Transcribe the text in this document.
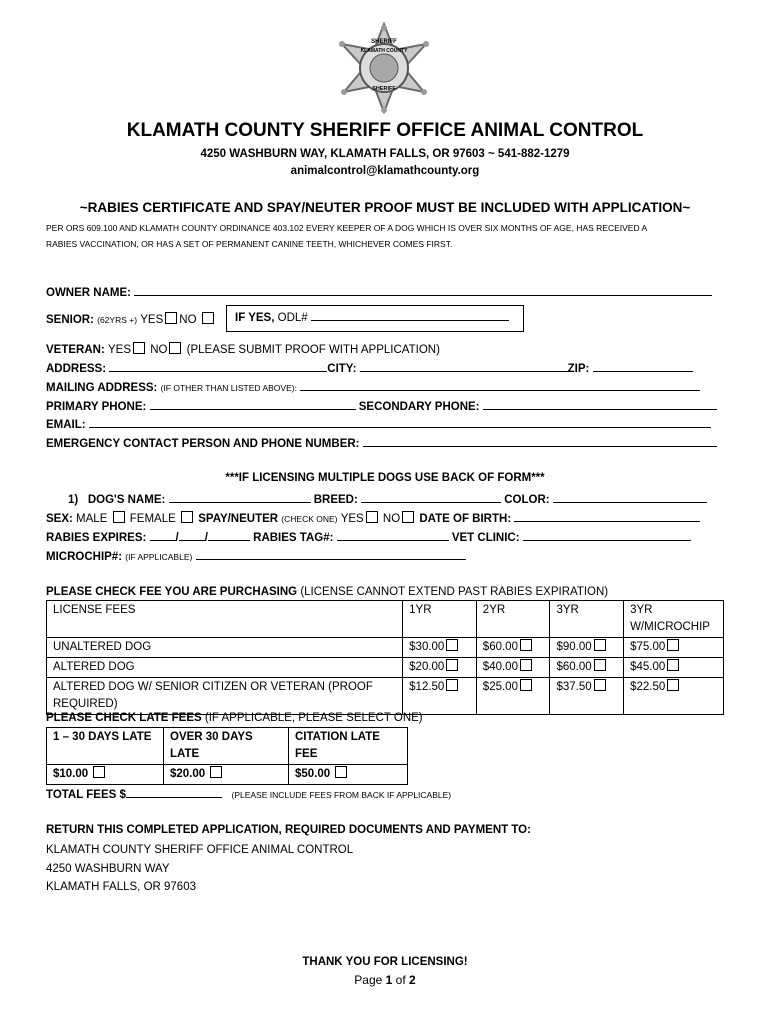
SHERIFF
KLAMATH COUNTY
SHERIFF
KLAMATH COUNTY SHERIFF OFFICE ANIMAL CONTROL
4250 WASHBURN WAY, KLAMATH FALLS, OR 97603 ~ 541-882-1279
animalcontrol@klamathcounty.org
~RABIES CERTIFICATE AND SPAY/NEUTER PROOF MUST BE INCLUDED WITH APPLICATION~
PER ORS 609.100 AND KLAMATH COUNTY ORDINANCE 403.102 EVERY KEEPER OF A DOG WHICH IS OVER SIX MONTHS OF AGE, HAS RECEIVED A
RABIES VACCINATION, OR HAS A SET OF PERMANENT CANINE TEETH, WHICHEVER COMES FIRST.
OWNER NAME:
SENIOR: (62YRS +) YES NO	IF YES, ODL#
VETERAN: YES NO (PLEASE SUBMIT PROOF WITH APPLICATION)
ADDRESS:	CITY:	ZIP:
MAILING ADDRESS: (IF OTHER THAN LISTED ABOVE):
PRIMARY PHONE:	SECONDARY PHONE:
EMAIL:
EMERGENCY CONTACT PERSON AND PHONE NUMBER:
***IF LICENSING MULTIPLE DOGS USE BACK OF FORM***
1) DOG'S NAME:	BREED:	COLOR:
SEX: MALE FEMALE SPAY/NEUTER (CHECK ONE) YES NO DATE OF BIRTH:
RABIES EXPIRES:	/ /	RABIES TAG#:	VET CLINIC:
MICROCHIP#: (IF APPLICABLE)
PLEASE CHECK FEE YOU ARE PURCHASING (LICENSE CANNOT EXTEND PAST RABIES EXPIRATION)
LICENSE FEES	1YR	2YR	3YR	3YR W/MICROCHIP
UNALTERED DOG	$30.00	$60.00	$90.00	$75.00
ALTERED DOG	$20.00	$40.00	$60.00	$45.00
ALTERED DOG W/ SENIOR CITIZEN OR VETERAN (PROOF REQUIRED)	$12.50	$25.00	$37.50	$22.50
PLEASE CHECK LATE FEES (IF APPLICABLE, PLEASE SELECT ONE)
1 – 30 DAYS LATE	OVER 30 DAYS LATE	CITATION LATE FEE
$10.00	$20.00	$50.00
TOTAL FEES $	(PLEASE INCLUDE FEES FROM BACK IF APPLICABLE)
RETURN THIS COMPLETED APPLICATION, REQUIRED DOCUMENTS AND PAYMENT TO:
KLAMATH COUNTY SHERIFF OFFICE ANIMAL CONTROL
4250 WASHBURN WAY
KLAMATH FALLS, OR 97603
THANK YOU FOR LICENSING!
Page 1 of 2
